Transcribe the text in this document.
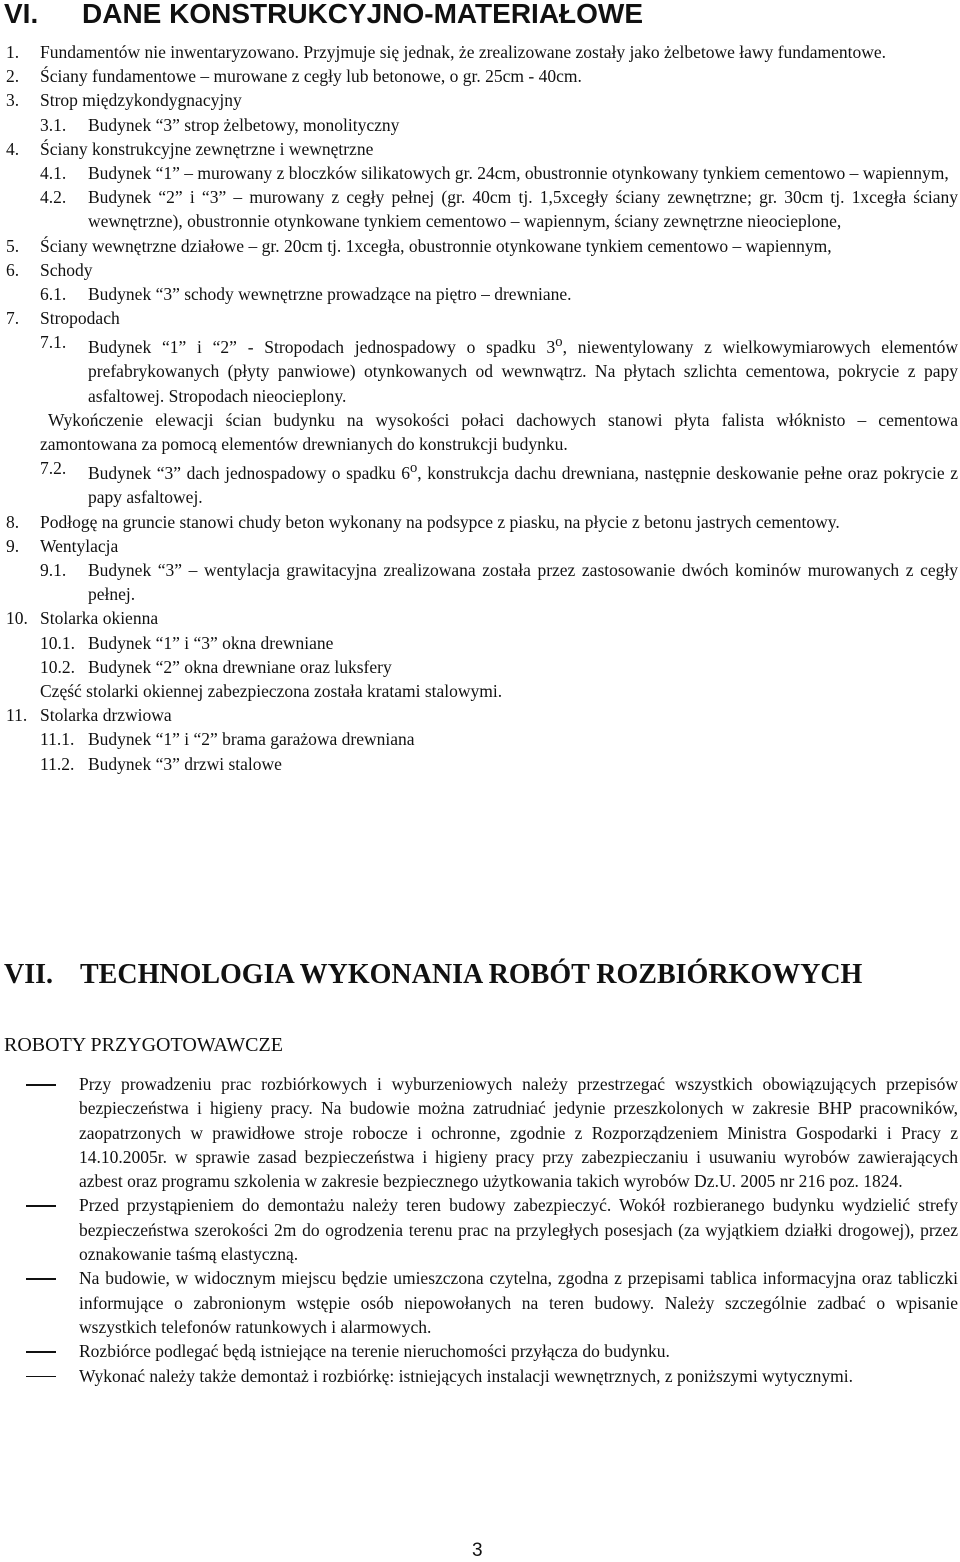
VI. DANE KONSTRUKCYJNO-MATERIAŁOWE
1. Fundamentów nie inwentaryzowano. Przyjmuje się jednak, że zrealizowane zostały jako żelbetowe ławy fundamentowe.
2. Ściany fundamentowe – murowane z cegły lub betonowe, o gr. 25cm - 40cm.
3. Strop międzykondygnacyjny
3.1. Budynek “3” strop żelbetowy, monolityczny
4. Ściany konstrukcyjne zewnętrzne i wewnętrzne
4.1. Budynek “1” – murowany z bloczków silikatowych gr. 24cm, obustronnie otynkowany tynkiem cementowo – wapiennym,
4.2. Budynek “2” i “3” – murowany z cegły pełnej (gr. 40cm tj. 1,5xcegły ściany zewnętrzne; gr. 30cm tj. 1xcegła ściany wewnętrzne), obustronnie otynkowane tynkiem cementowo – wapiennym, ściany zewnętrzne nieocieplone,
5. Ściany wewnętrzne działowe – gr. 20cm tj. 1xcegła, obustronnie otynkowane tynkiem cementowo – wapiennym,
6. Schody
6.1. Budynek “3” schody wewnętrzne prowadzące na piętro – drewniane.
7. Stropodach
7.1. Budynek “1” i “2” - Stropodach jednospadowy o spadku 3$^o$, niewentylowany z wielkowymiarowych elementów prefabrykowanych (płyty panwiowe) otynkowanych od wewnwątrz. Na płytach szlichta cementowa, pokrycie z papy asfaltowej. Stropodach nieocieplony.
Wykończenie elewacji ścian budynku na wysokości połaci dachowych stanowi płyta falista włóknisto – cementowa zamontowana za pomocą elementów drewnianych do konstrukcji budynku.
7.2. Budynek “3” dach jednospadowy o spadku 6$^o$, konstrukcja dachu drewniana, następnie deskowanie pełne oraz pokrycie z papy asfaltowej.
8. Podłogę na gruncie stanowi chudy beton wykonany na podsypce z piasku, na płycie z betonu jastrych cementowy.
9. Wentylacja
9.1. Budynek “3” – wentylacja grawitacyjna zrealizowana została przez zastosowanie dwóch kominów murowanych z cegły pełnej.
10. Stolarka okienna
10.1. Budynek “1” i “3” okna drewniane
10.2. Budynek “2” okna drewniane oraz luksfery
Część stolarki okiennej zabezpieczona została kratami stalowymi.
11. Stolarka drzwiowa
11.1. Budynek “1” i “2” brama garażowa drewniana
11.2. Budynek “3” drzwi stalowe
VII. TECHNOLOGIA WYKONANIA ROBÓT ROZBIÓRKOWYCH
ROBOTY PRZYGOTOWAWCZE
Przy prowadzeniu prac rozbiórkowych i wyburzeniowych należy przestrzegać wszystkich obowiązujących przepisów bezpieczeństwa i higieny pracy. Na budowie można zatrudniać jedynie przeszkolonych w zakresie BHP pracowników, zaopatrzonych w prawidłowe stroje robocze i ochronne, zgodnie z Rozporządzeniem Ministra Gospodarki i Pracy z 14.10.2005r. w sprawie zasad bezpieczeństwa i higieny pracy przy zabezpieczaniu i usuwaniu wyrobów zawierających azbest oraz programu szkolenia w zakresie bezpiecznego użytkowania takich wyrobów Dz.U. 2005 nr 216 poz. 1824.
Przed przystąpieniem do demontażu należy teren budowy zabezpieczyć. Wokół rozbieranego budynku wydzielić strefy bezpieczeństwa szerokości 2m do ogrodzenia terenu prac na przyległych posesjach (za wyjątkiem działki drogowej), przez oznakowanie taśmą elastyczną.
Na budowie, w widocznym miejscu będzie umieszczona czytelna, zgodna z przepisami tablica informacyjna oraz tabliczki informujące o zabronionym wstępie osób niepowołanych na teren budowy. Należy szczególnie zadbać o wpisanie wszystkich telefonów ratunkowych i alarmowych.
Rozbiórce podlegać będą istniejące na terenie nieruchomości przyłącza do budynku.
Wykonać należy także demontaż i rozbiórkę: istniejących instalacji wewnętrznych, z poniższymi wytycznymi.
3
